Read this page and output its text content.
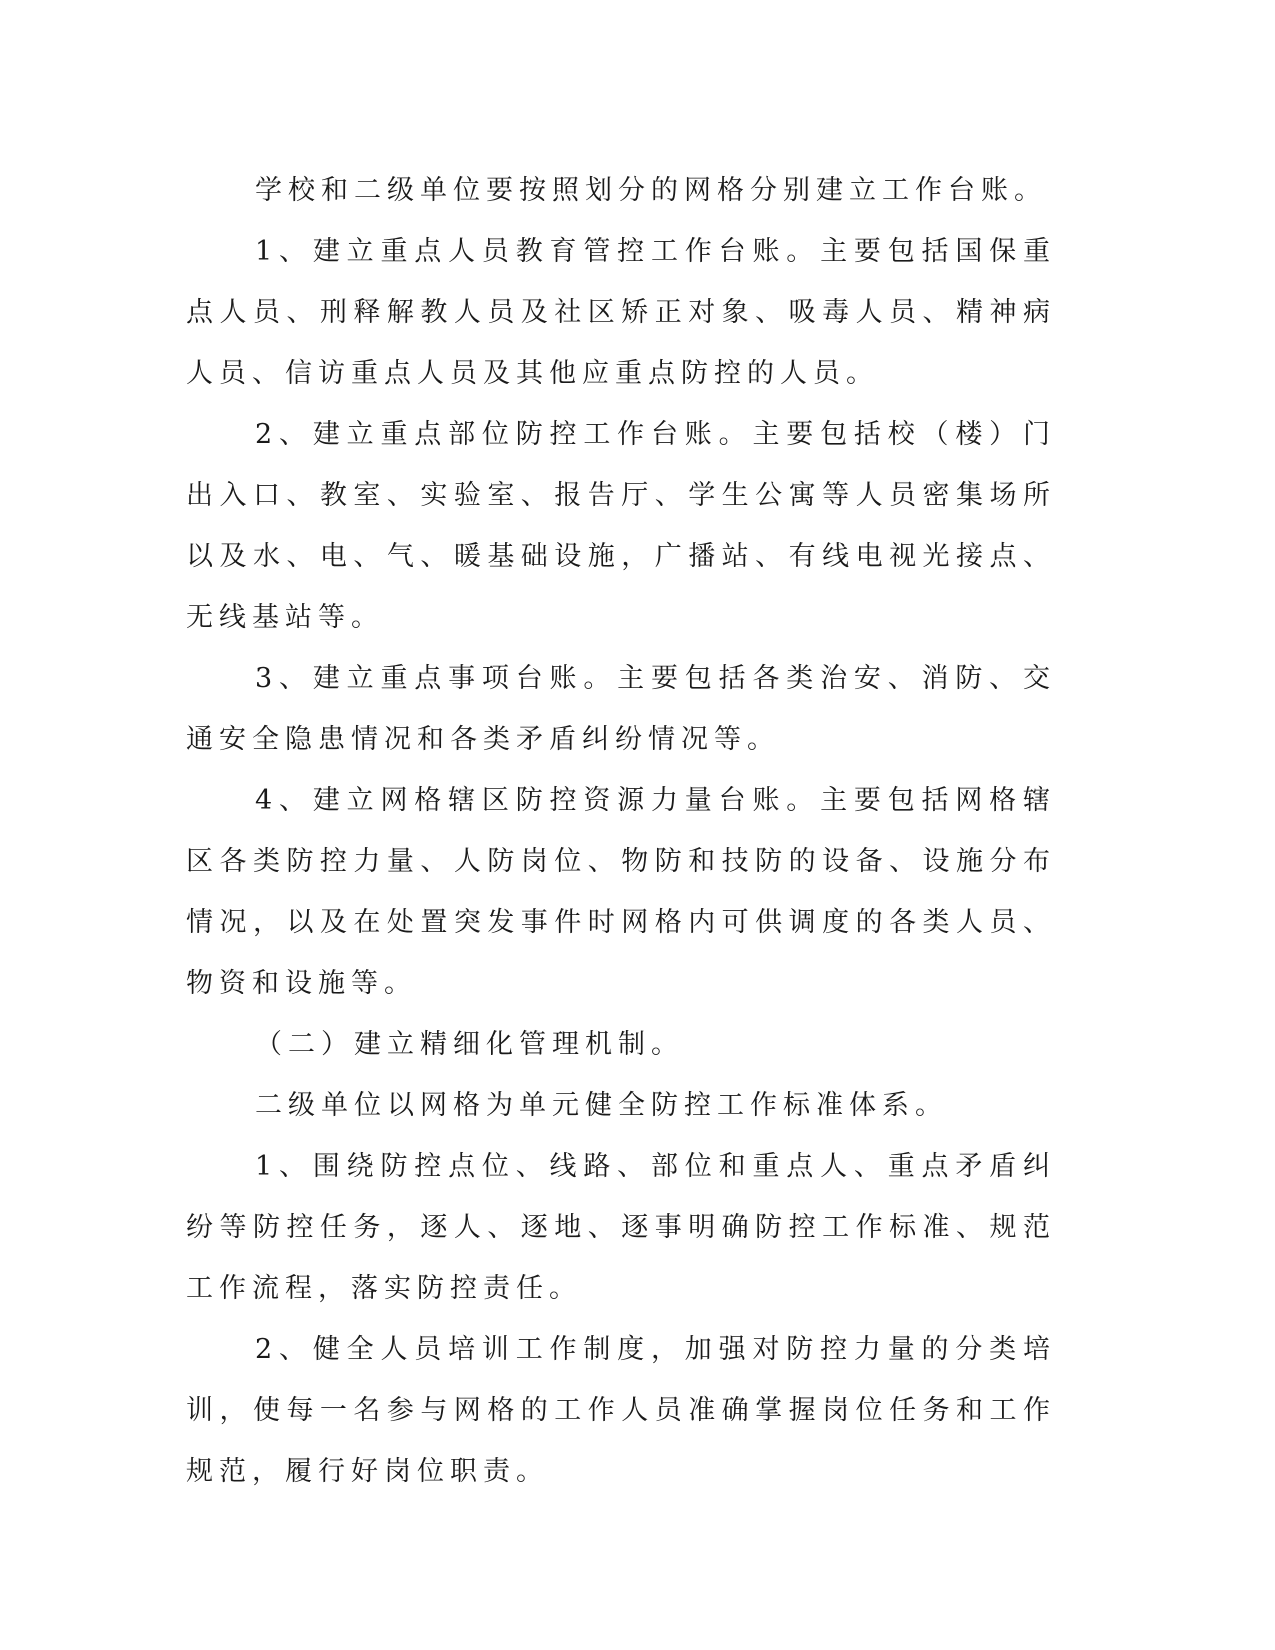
学校和二级单位要按照划分的网格分别建立工作台账。

1、建立重点人员教育管控工作台账。主要包括国保重点人员、刑释解教人员及社区矫正对象、吸毒人员、精神病人员、信访重点人员及其他应重点防控的人员。

2、建立重点部位防控工作台账。主要包括校（楼）门出入口、教室、实验室、报告厅、学生公寓等人员密集场所以及水、电、气、暖基础设施，广播站、有线电视光接点、无线基站等。

3、建立重点事项台账。主要包括各类治安、消防、交通安全隐患情况和各类矛盾纠纷情况等。

4、建立网格辖区防控资源力量台账。主要包括网格辖区各类防控力量、人防岗位、物防和技防的设备、设施分布情况，以及在处置突发事件时网格内可供调度的各类人员、物资和设施等。

（二）建立精细化管理机制。

二级单位以网格为单元健全防控工作标准体系。

1、围绕防控点位、线路、部位和重点人、重点矛盾纠纷等防控任务，逐人、逐地、逐事明确防控工作标准、规范工作流程，落实防控责任。

2、健全人员培训工作制度，加强对防控力量的分类培训，使每一名参与网格的工作人员准确掌握岗位任务和工作规范，履行好岗位职责。
